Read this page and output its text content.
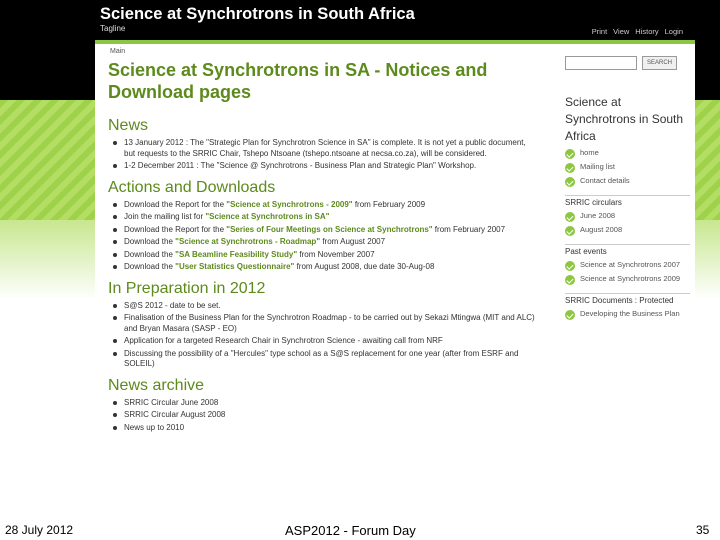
Science at Synchrotrons in South Africa
Tagline	Print View History Login
Main
Science at Synchrotrons in SA - Notices and Download pages
News
13 January 2012 : The "Strategic Plan for Synchrotron Science in SA" is complete. It is not yet a public document, but requests to the SRRIC Chair, Tshepo Ntsoane (tshepo.ntsoane at necsa.co.za), will be considered.
1-2 December 2011 : The "Science @ Synchrotrons - Business Plan and Strategic Plan" Workshop.
Actions and Downloads
Download the Report for the "Science at Synchrotrons - 2009" from February 2009
Join the mailing list for "Science at Synchrotrons in SA"
Download the Report for the "Series of Four Meetings on Science at Synchrotrons" from February 2007
Download the "Science at Synchrotrons - Roadmap" from August 2007
Download the "SA Beamline Feasibility Study" from November 2007
Download the "User Statistics Questionnaire" from August 2008, due date 30-Aug-08
In Preparation in 2012
S@S 2012 - date to be set.
Finalisation of the Business Plan for the Synchrotron Roadmap - to be carried out by Sekazi Mtingwa (MIT and ALC) and Bryan Masara (SASP - EO)
Application for a targeted Research Chair in Synchrotron Science - awaiting call from NRF
Discussing the possibility of a "Hercules" type school as a S@S replacement for one year (after from ESRF and SOLEIL)
News archive
SRRIC Circular June 2008
SRRIC Circular August 2008
News up to 2010
SEARCH
Science at Synchrotrons in South Africa
home
Mailing list
Contact details
SRRIC circulars
June 2008
August 2008
Past events
Science at Synchrotrons 2007
Science at Synchrotrons 2009
SRRIC Documents : Protected
Developing the Business Plan
28 July 2012	ASP2012 - Forum Day	35
